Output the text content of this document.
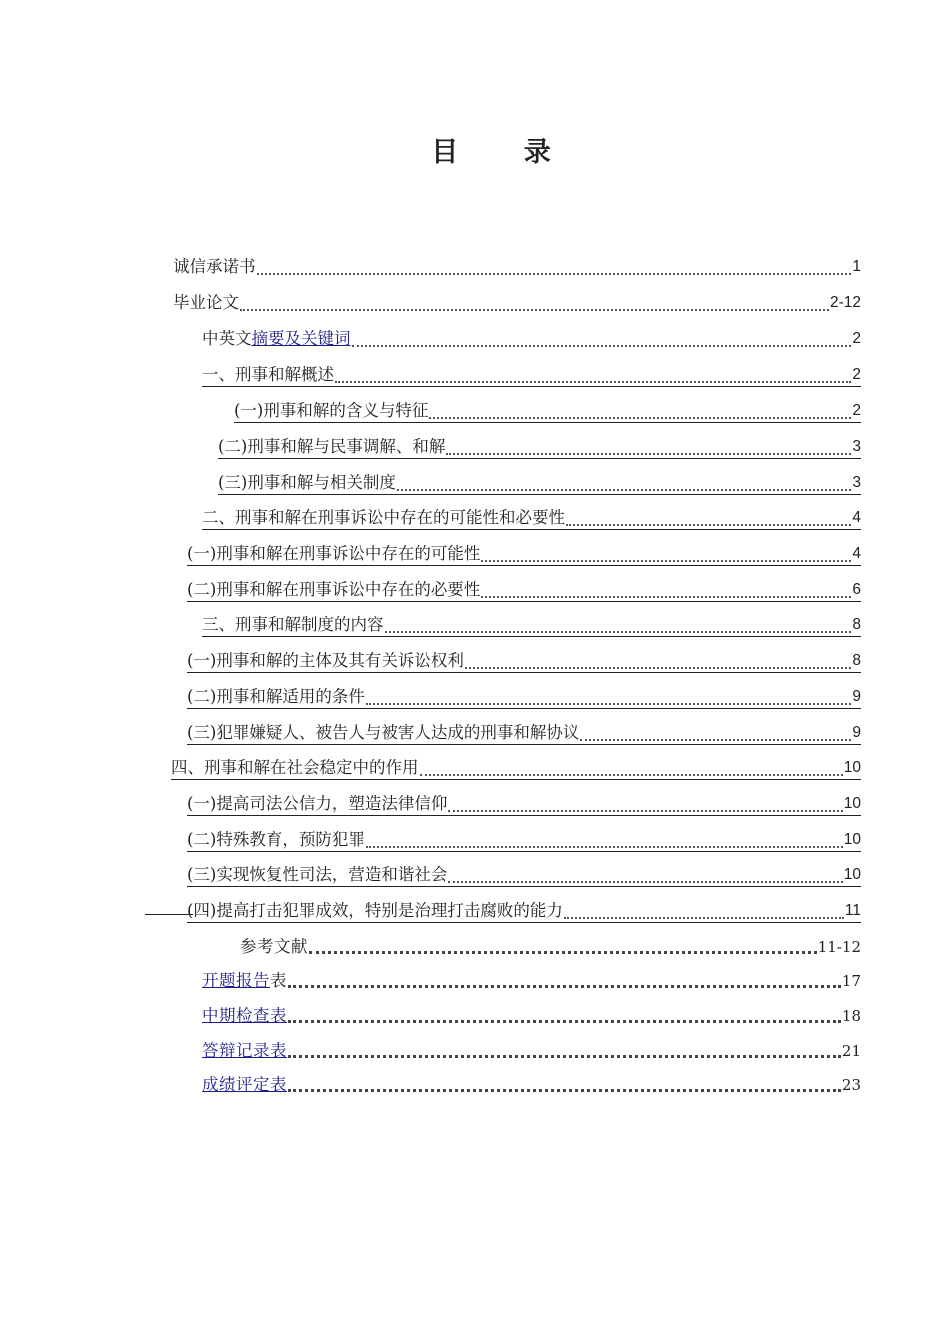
目 录
诚信承诺书	1
毕业论文	2-12
中英文摘要及关键词	2
一、刑事和解概述	2
(一)刑事和解的含义与特征	2
(二)刑事和解与民事调解、和解	3
(三)刑事和解与相关制度	3
二、刑事和解在刑事诉讼中存在的可能性和必要性	4
(一)刑事和解在刑事诉讼中存在的可能性	4
(二)刑事和解在刑事诉讼中存在的必要性	6
三、刑事和解制度的内容	8
(一)刑事和解的主体及其有关诉讼权利	8
(二)刑事和解适用的条件	9
(三)犯罪嫌疑人、被告人与被害人达成的刑事和解协议	9
四、刑事和解在社会稳定中的作用	10
(一)提高司法公信力，塑造法律信仰	10
(二)特殊教育，预防犯罪	10
(三)实现恢复性司法，营造和谐社会	10
(四)提高打击犯罪成效，特别是治理打击腐败的能力	11
参考文献	11-12
开题报告表	17
中期检查表	18
答辩记录表	21
成绩评定表	23
